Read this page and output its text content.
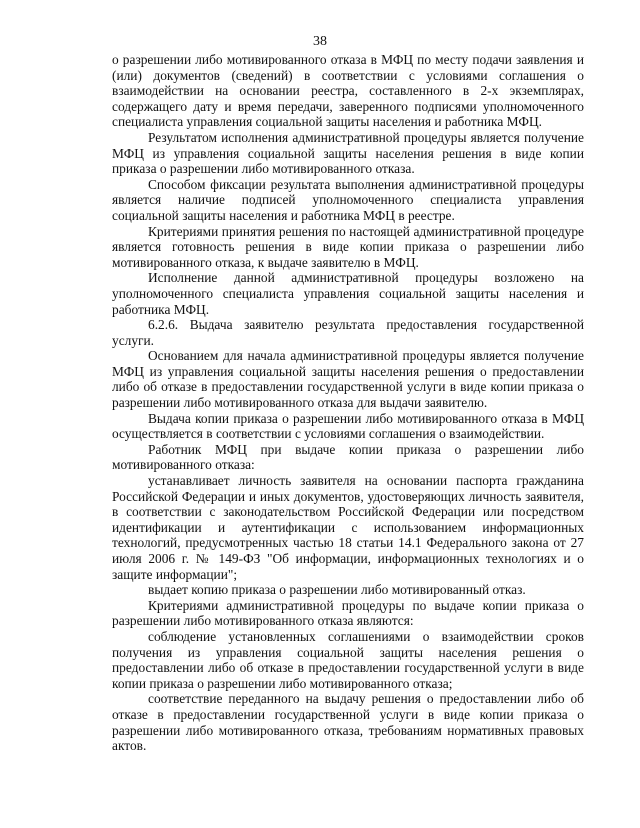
38

о разрешении либо мотивированного отказа в МФЦ по месту подачи заявления и (или) документов (сведений) в соответствии с условиями соглашения о взаимодействии на основании реестра, составленного в 2-х экземплярах, содержащего дату и время передачи, заверенного подписями уполномоченного специалиста управления социальной защиты населения и работника МФЦ.

Результатом исполнения административной процедуры является получение МФЦ из управления социальной защиты населения решения в виде копии приказа о разрешении либо мотивированного отказа.

Способом фиксации результата выполнения административной процедуры является наличие подписей уполномоченного специалиста управления социальной защиты населения и работника МФЦ в реестре.

Критериями принятия решения по настоящей административной процедуре является готовность решения в виде копии приказа о разрешении либо мотивированного отказа, к выдаче заявителю в МФЦ.

Исполнение данной административной процедуры возложено на уполномоченного специалиста управления социальной защиты населения и работника МФЦ.

6.2.6. Выдача заявителю результата предоставления государственной услуги.

Основанием для начала административной процедуры является получение МФЦ из управления социальной защиты населения решения о предоставлении либо об отказе в предоставлении государственной услуги в виде копии приказа о разрешении либо мотивированного отказа для выдачи заявителю.

Выдача копии приказа о разрешении либо мотивированного отказа в МФЦ осуществляется в соответствии с условиями соглашения о взаимодействии.

Работник МФЦ при выдаче копии приказа о разрешении либо мотивированного отказа:

устанавливает личность заявителя на основании паспорта гражданина Российской Федерации и иных документов, удостоверяющих личность заявителя, в соответствии с законодательством Российской Федерации или посредством идентификации и аутентификации с использованием информационных технологий, предусмотренных частью 18 статьи 14.1 Федерального закона от 27 июля 2006 г. № 149-ФЗ "Об информации, информационных технологиях и о защите информации";

выдает копию приказа о разрешении либо мотивированный отказ.

Критериями административной процедуры по выдаче копии приказа о разрешении либо мотивированного отказа являются:

соблюдение установленных соглашениями о взаимодействии сроков получения из управления социальной защиты населения решения о предоставлении либо об отказе в предоставлении государственной услуги в виде копии приказа о разрешении либо мотивированного отказа;

соответствие переданного на выдачу решения о предоставлении либо об отказе в предоставлении государственной услуги в виде копии приказа о разрешении либо мотивированного отказа, требованиям нормативных правовых актов.
